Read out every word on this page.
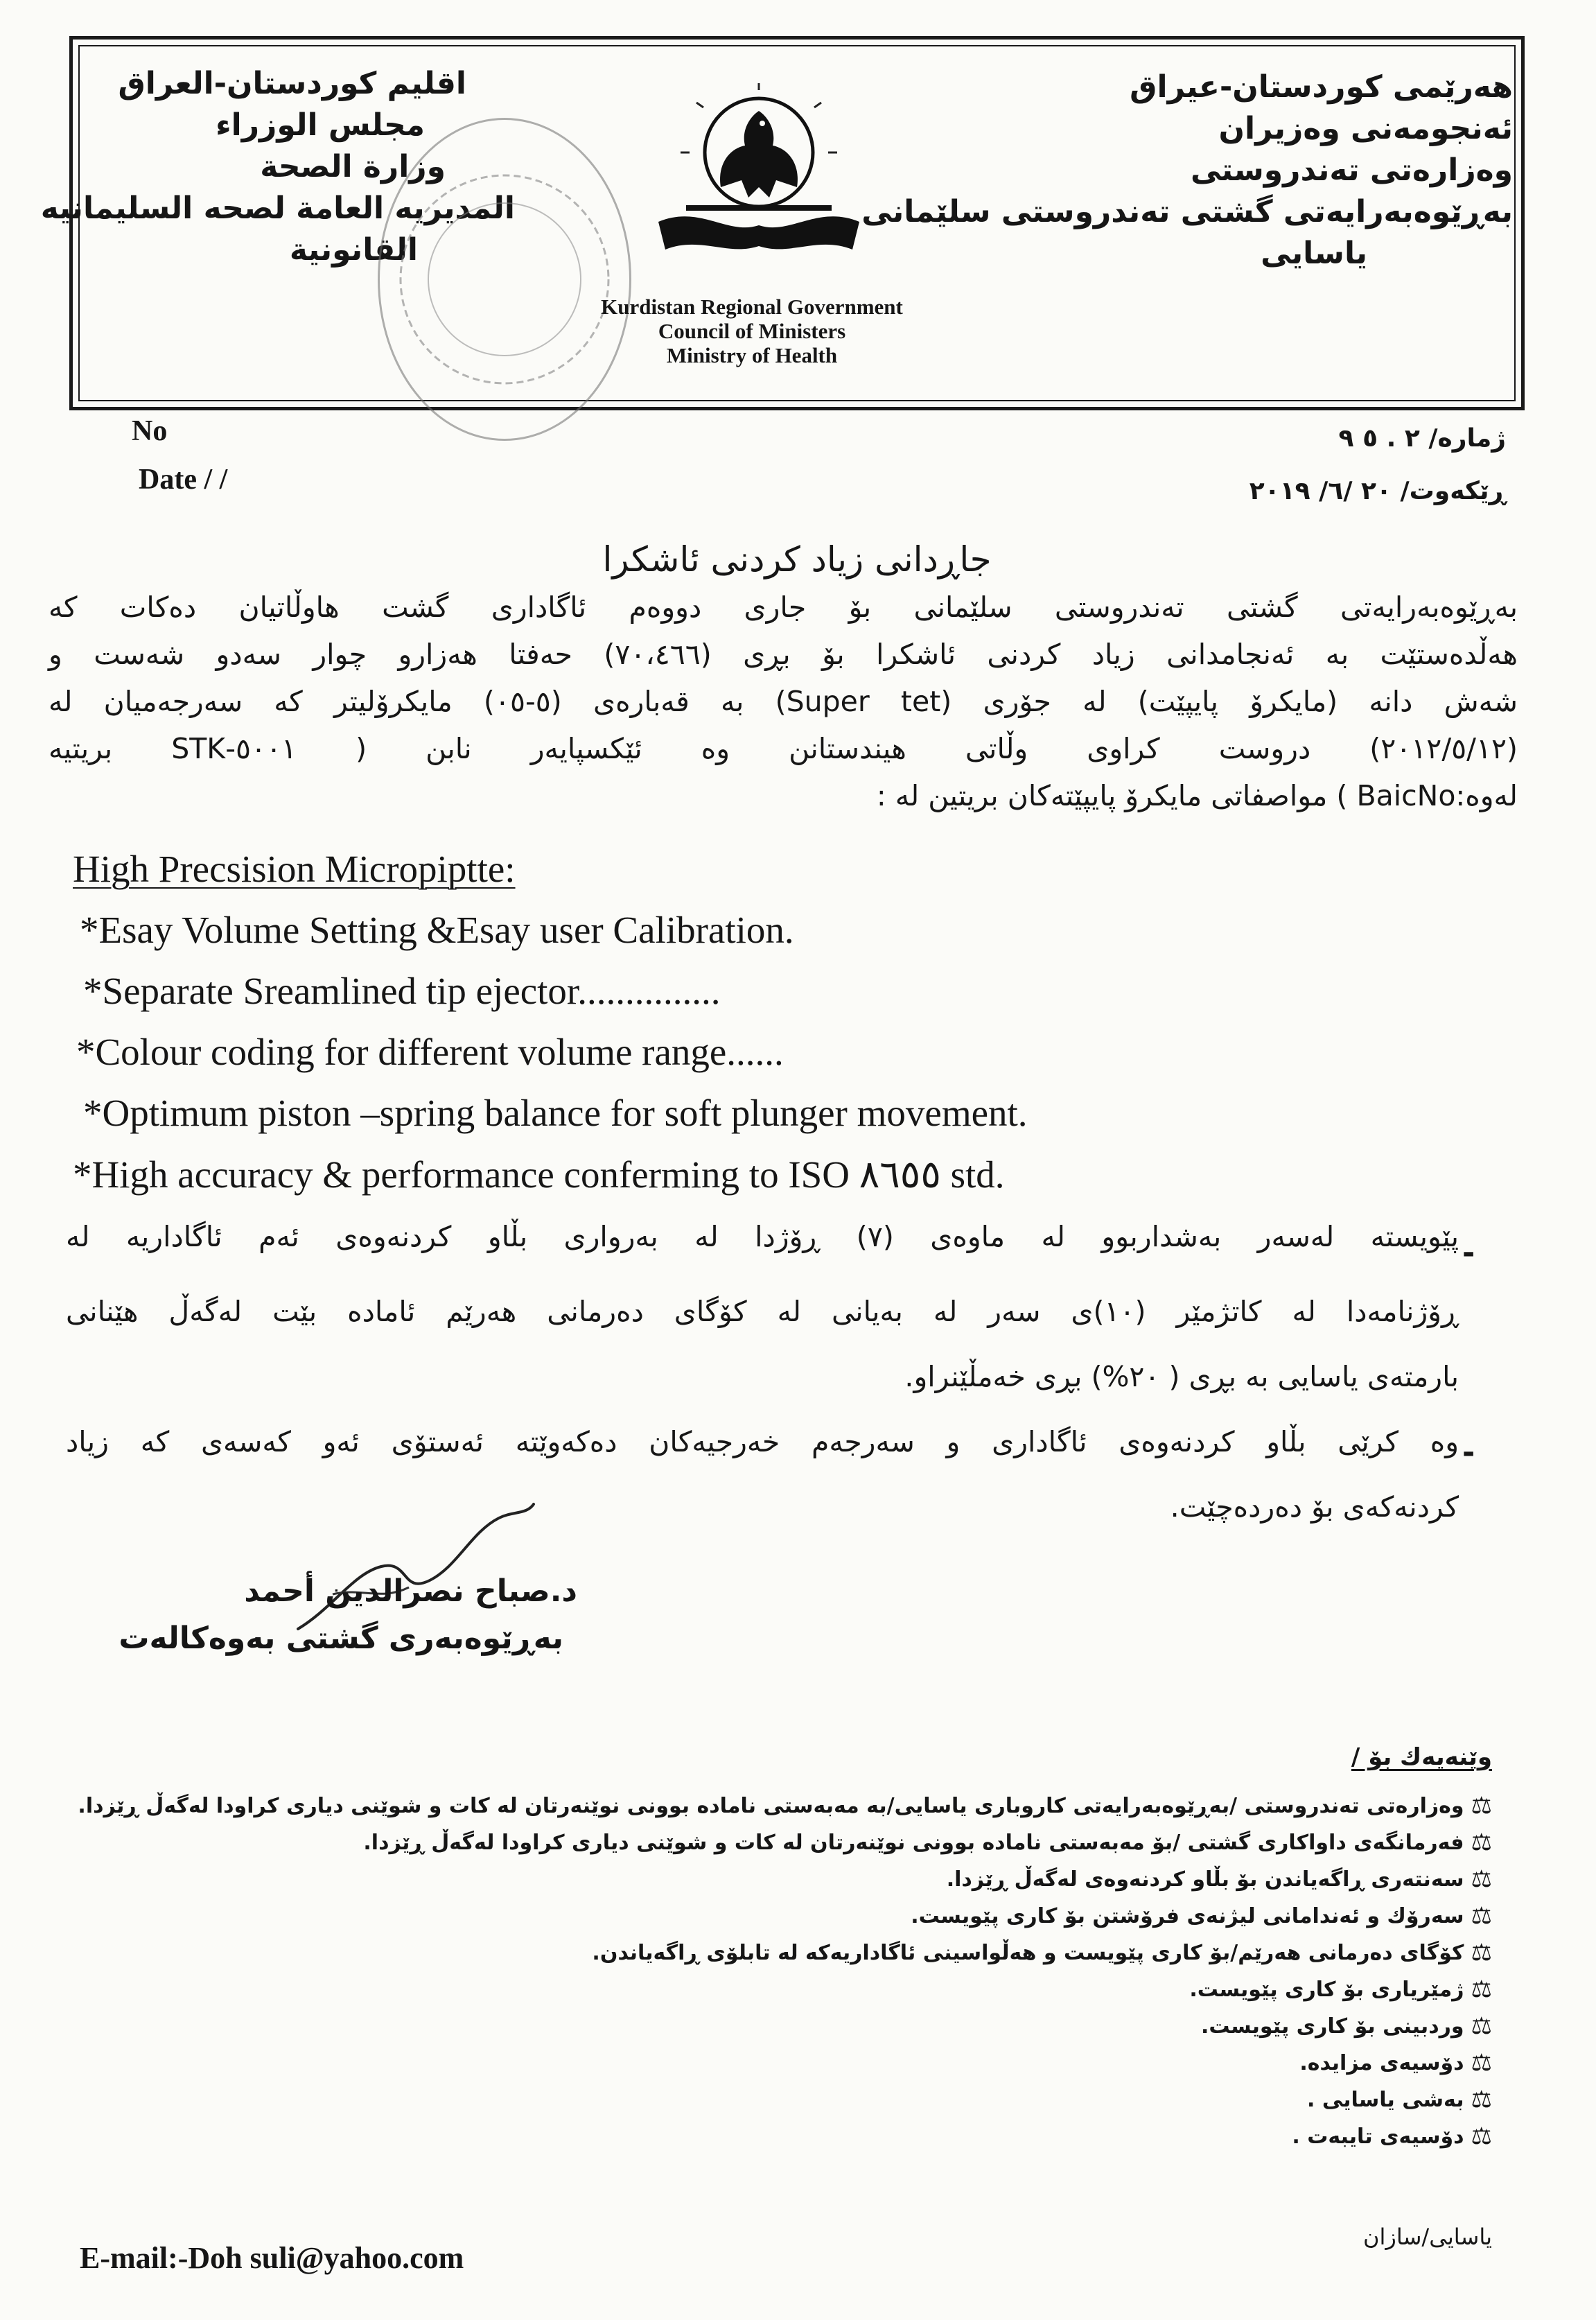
هەرێمی كوردستان-عیراق
ئەنجومەنی وەزیران
وەزارەتی تەندروستی
بەڕێوەبەرایەتی گشتی تەندروستی سلێمانی
یاسایی
اقليم كوردستان-العراق
مجلس الوزراء
وزارة الصحة
المديريه العامة لصحه السليمانيه
القانونية
Kurdistan Regional Government
Council of Ministers
Ministry of Health
No
Date / /
ژماره/ ٢ . ٥ ٩
ڕێكەوت/ ٢٠ /٦/ ٢٠١٩
جاڕدانی زیاد كردنی ئاشكرا
بەڕێوەبەرایەتی گشتی تەندروستی سلێمانی بۆ جاری دووەم ئاگاداری گشت هاوڵاتیان دەكات كە
هەڵدەستێت بە ئەنجامدانی زیاد كردنی ئاشكرا بۆ بڕی (٧٠،٤٦٦) حەفتا هەزارو چوار سەدو شەست و
شەش دانە (مایكرۆ پایپێت) لە جۆری (Super tet) بە قەبارەی (٥-٠٥) مایكرۆلیتر كە سەرجەمیان لە
(٢٠١٢/٥/١٢) دروست كراوی وڵاتی هیندستانن وە ئێكسپایەر نابن ( ٥٠٠١-STK بریتیە
لەوە:BaicNo ) مواصفاتی مایكرۆ پایپێتەكان بریتین لە :
High Precsision Micropiptte:
*Esay Volume Setting &Esay user Calibration.
*Separate Sreamlined tip ejector...............
*Colour coding for different volume range......
*Optimum piston –spring balance for soft plunger movement.
*High accuracy & performance conferming to ISO ٨٦٥٥ std.
-
پێویستە لەسەر بەشداربوو لە ماوەی (٧) ڕۆژدا لە بەرواری بڵاو كردنەوەی ئەم ئاگاداریە لە
ڕۆژنامەدا لە كاتژمێر (١٠)ی سەر لە بەیانی لە كۆگای دەرمانی هەرێم ئامادە بێت لەگەڵ هێنانی
بارمتەی یاسایی بە بڕی ( ٢٠%) بڕی خەمڵێنراو.
-
وە كرێی بڵاو كردنەوەی ئاگاداری و سەرجەم خەرجیەكان دەكەوێتە ئەستۆی ئەو كەسەی كە زیاد
كردنەكەی بۆ دەردەچێت.
د.صباح نصرالدين أحمد
بەڕێوەبەری گشتی بەوەكالەت
وێنەیەك بۆ /
⚖
وەزارەتی تەندروستی /بەڕێوەبەرایەتی كاروباری یاسایی/بە مەبەستی نامادە بوونی نوێنەرتان لە كات و شوێنی دیاری كراودا لەگەڵ ڕێزدا.
⚖
فەرمانگەی داواكاری گشتی /بۆ مەبەستی نامادە بوونی نوێنەرتان لە كات و شوێنی دیاری كراودا لەگەڵ ڕێزدا.
⚖
سەنتەری ڕاگەیاندن بۆ بڵاو كردنەوەی لەگەڵ ڕێزدا.
⚖
سەرۆك و ئەندامانی لیژنەی فرۆشتن بۆ كاری پێویست.
⚖
كۆگای دەرمانی هەرێم/بۆ كاری پێویست و هەڵواسینی ئاگاداریەكە لە تابلۆی ڕاگەیاندن.
⚖
ژمێریاری بۆ كاری پێویست.
⚖
وردبینی بۆ كاری پێویست.
⚖
دۆسیەی مزایدە.
⚖
بەشی یاسایی .
⚖
دۆسیەی تایبەت .
E-mail:-Doh suli@yahoo.com
یاسایی/سازان
